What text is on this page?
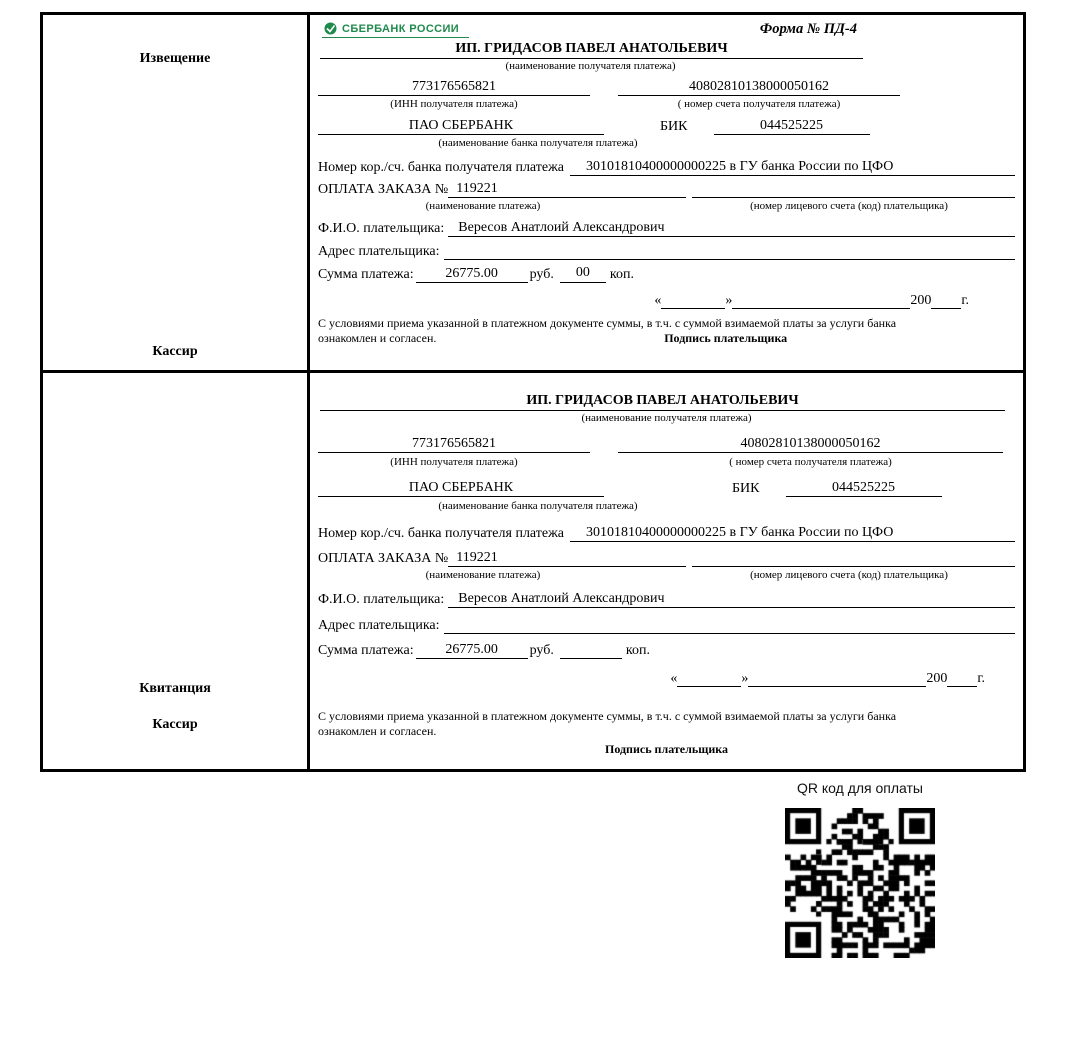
Извещение
Кассир
СБЕРБАНК РОССИИ	Форма № ПД-4
ИП. ГРИДАСОВ ПАВЕЛ АНАТОЛЬЕВИЧ
(наименование получателя платежа)
773176565821	40802810138000050162
(ИНН получателя платежа)	( номер счета получателя платежа)
ПАО СБЕРБАНК	БИК	044525225
(наименование банка получателя платежа)
Номер кор./сч. банка получателя платежа	30101810400000000225 в ГУ банка России по ЦФО
ОПЛАТА ЗАКАЗА № 119221
(наименование платежа)	(номер лицевого счета (код) плательщика)
Ф.И.О. плательщика:	Вересов Анатлоий Александрович
Адрес плательщика:
Сумма платежа:	26775.00	руб.	00	коп.
«	»	200 г.
С условиями приема указанной в платежном документе суммы, в т.ч. с суммой взимаемой платы за услуги банка
ознакомлен и согласен.	Подпись плательщика
Квитанция
Кассир
ИП. ГРИДАСОВ ПАВЕЛ АНАТОЛЬЕВИЧ
(наименование получателя платежа)
773176565821	40802810138000050162
(ИНН получателя платежа)	( номер счета получателя платежа)
ПАО СБЕРБАНК	БИК	044525225
(наименование банка получателя платежа)
Номер кор./сч. банка получателя платежа	30101810400000000225 в ГУ банка России по ЦФО
ОПЛАТА ЗАКАЗА № 119221
(наименование платежа)	(номер лицевого счета (код) плательщика)
Ф.И.О. плательщика:	Вересов Анатлоий Александрович
Адрес плательщика:
Сумма платежа:	26775.00	руб.	коп.
«	»	200 г.
С условиями приема указанной в платежном документе суммы, в т.ч. с суммой взимаемой платы за услуги банка
ознакомлен и согласен.
Подпись плательщика
QR код для оплаты
